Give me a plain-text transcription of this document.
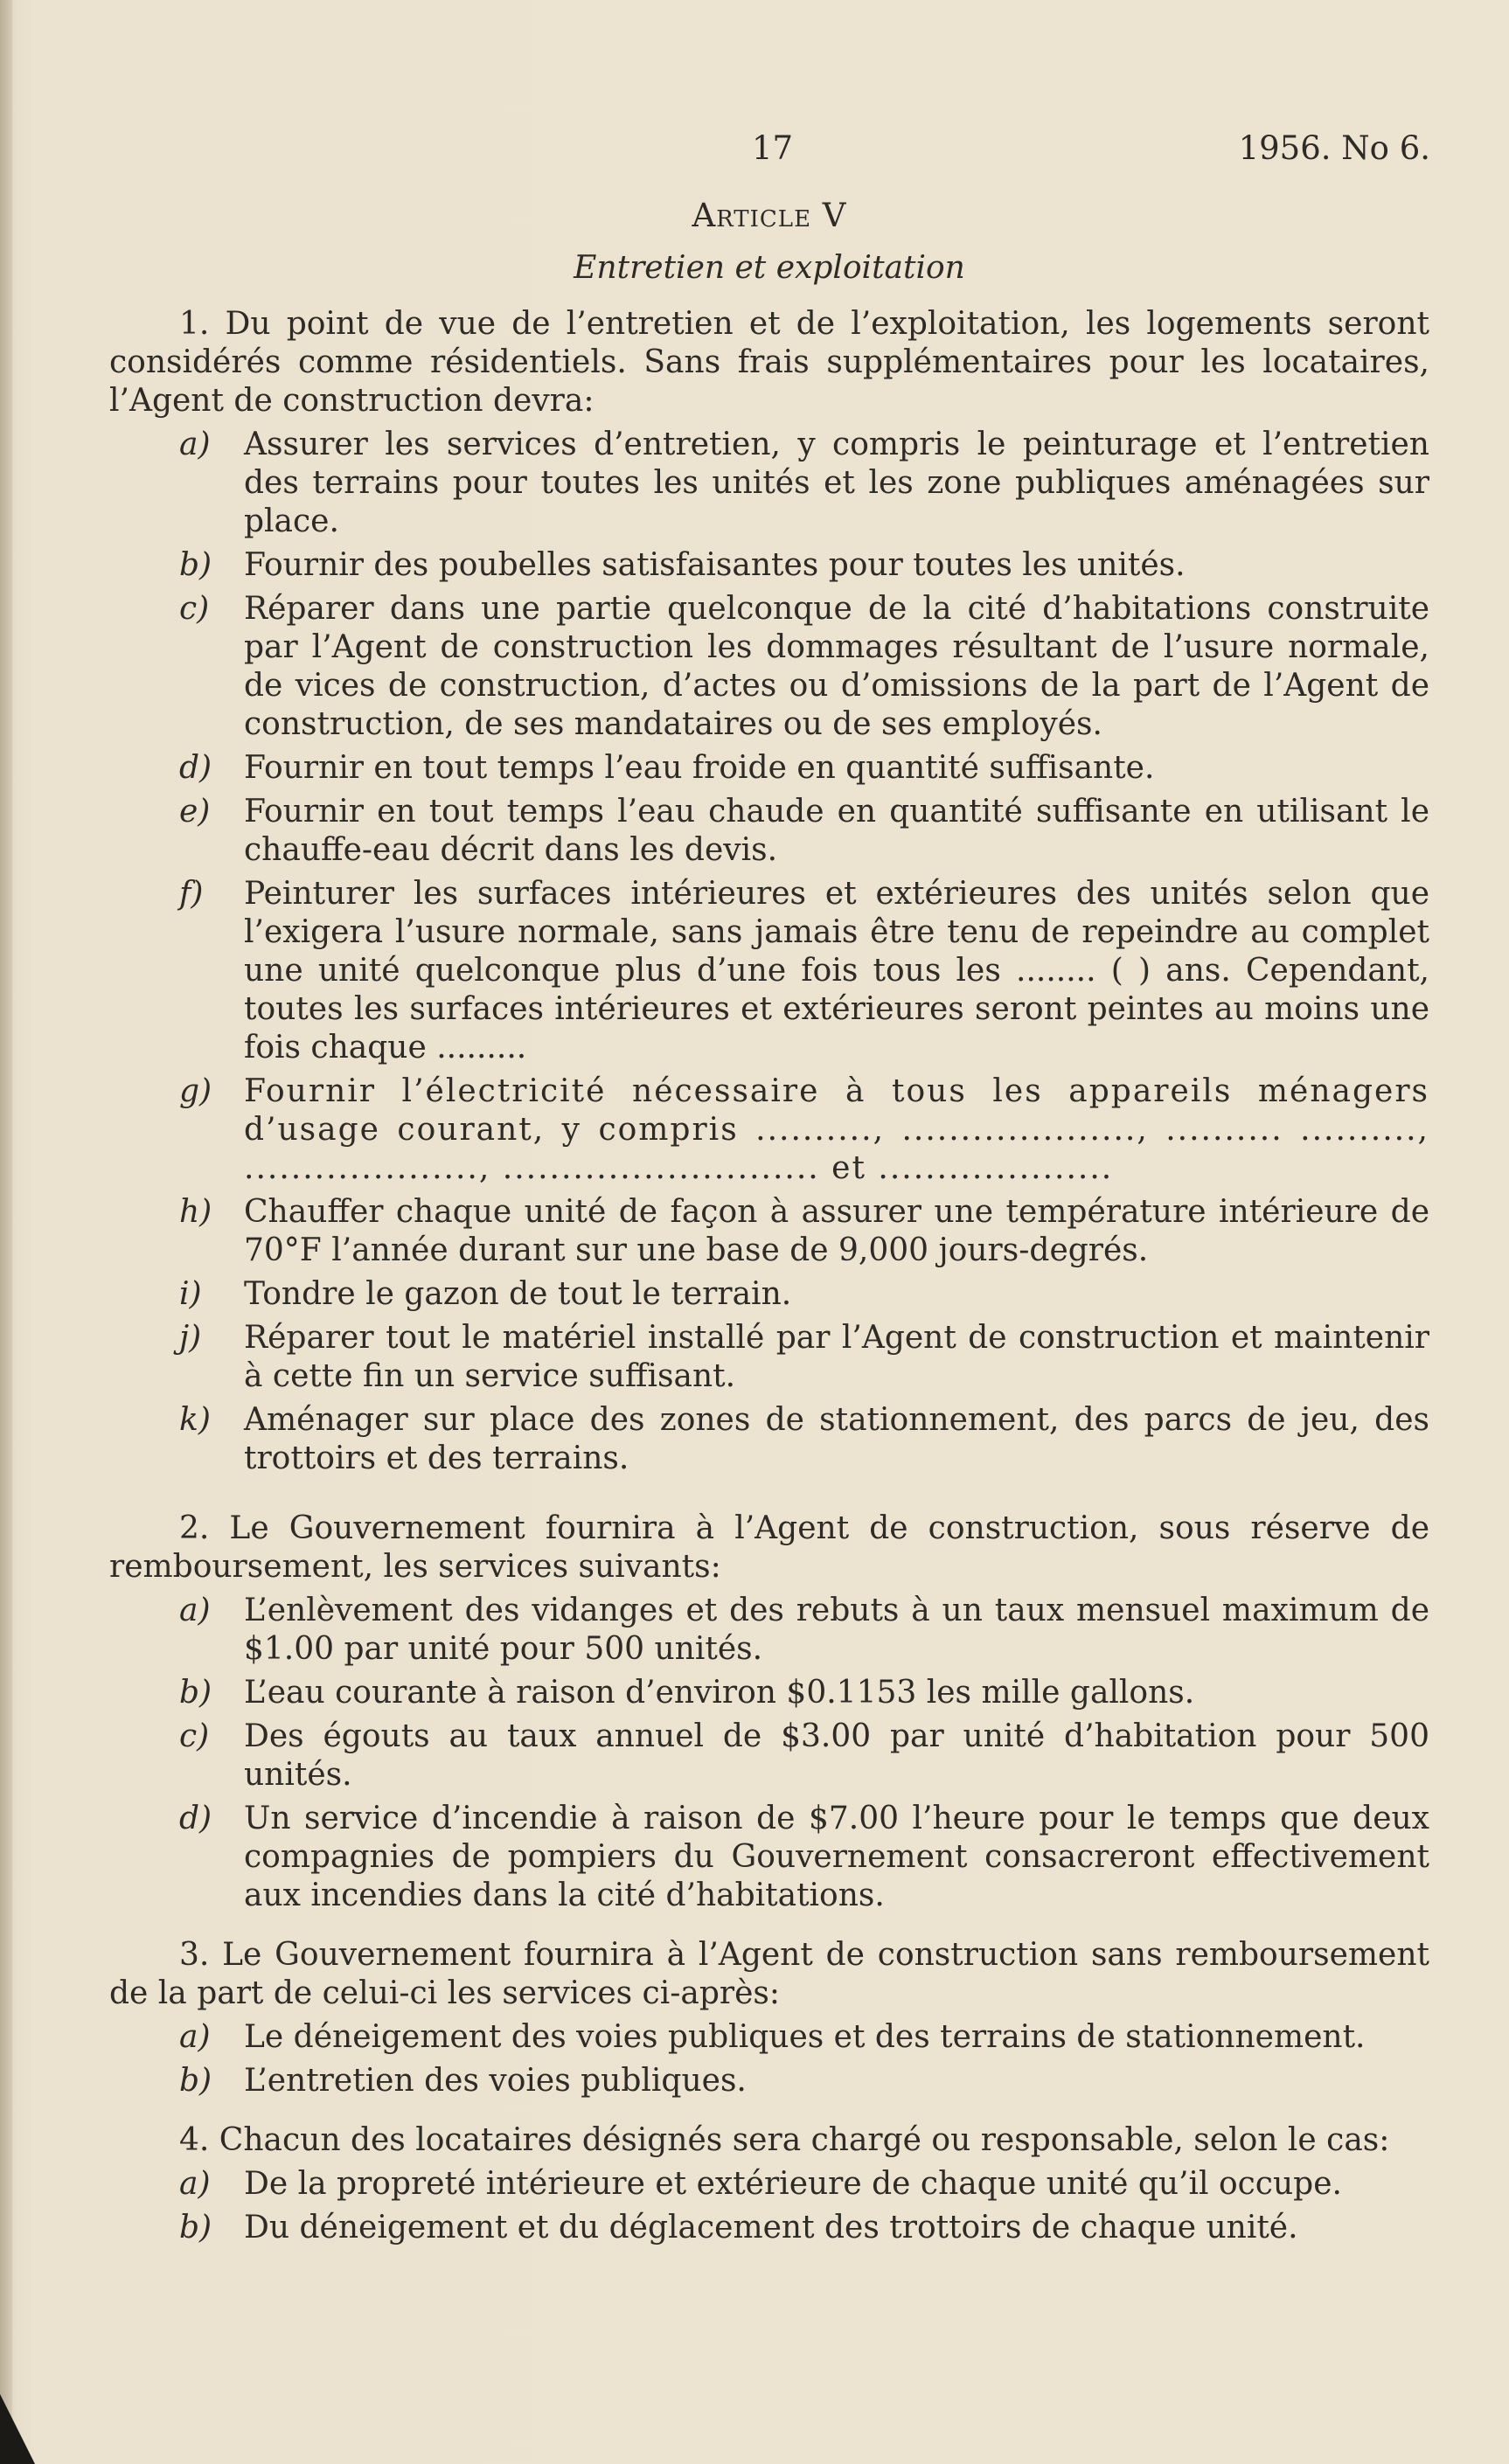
17	1956. No 6.
Article V
Entretien et exploitation
1. Du point de vue de l’entretien et de l’exploitation, les logements seront considérés comme résidentiels. Sans frais supplémentaires pour les locataires, l’Agent de construction devra:
a)	Assurer les services d’entretien, y compris le peinturage et l’entretien des terrains pour toutes les unités et les zone publiques aménagées sur place.
b)	Fournir des poubelles satisfaisantes pour toutes les unités.
c)	Réparer dans une partie quelconque de la cité d’habitations construite par l’Agent de construction les dommages résultant de l’usure normale, de vices de construction, d’actes ou d’omissions de la part de l’Agent de construction, de ses mandataires ou de ses employés.
d)	Fournir en tout temps l’eau froide en quantité suffisante.
e)	Fournir en tout temps l’eau chaude en quantité suffisante en utilisant le chauffe-eau décrit dans les devis.
f)	Peinturer les surfaces intérieures et extérieures des unités selon que l’exigera l’usure normale, sans jamais être tenu de repeindre au complet une unité quelconque plus d’une fois tous les ........ ( ) ans. Cependant, toutes les surfaces intérieures et extérieures seront peintes au moins une fois chaque .........
g)	Fournir l’électricité nécessaire à tous les appareils ménagers d’usage courant, y compris .........., ...................., .......... .........., ...................., ........................... et ....................
h)	Chauffer chaque unité de façon à assurer une température intérieure de 70°F l’année durant sur une base de 9,000 jours-degrés.
i)	Tondre le gazon de tout le terrain.
j)	Réparer tout le matériel installé par l’Agent de construction et maintenir à cette fin un service suffisant.
k)	Aménager sur place des zones de stationnement, des parcs de jeu, des trottoirs et des terrains.
2. Le Gouvernement fournira à l’Agent de construction, sous réserve de remboursement, les services suivants:
a)	L’enlèvement des vidanges et des rebuts à un taux mensuel maximum de $1.00 par unité pour 500 unités.
b)	L’eau courante à raison d’environ $0.1153 les mille gallons.
c)	Des égouts au taux annuel de $3.00 par unité d’habitation pour 500 unités.
d)	Un service d’incendie à raison de $7.00 l’heure pour le temps que deux compagnies de pompiers du Gouvernement consacreront effectivement aux incendies dans la cité d’habitations.
3. Le Gouvernement fournira à l’Agent de construction sans remboursement de la part de celui-ci les services ci-après:
a)	Le déneigement des voies publiques et des terrains de stationnement.
b)	L’entretien des voies publiques.
4. Chacun des locataires désignés sera chargé ou responsable, selon le cas:
a)	De la propreté intérieure et extérieure de chaque unité qu’il occupe.
b)	Du déneigement et du déglacement des trottoirs de chaque unité.
